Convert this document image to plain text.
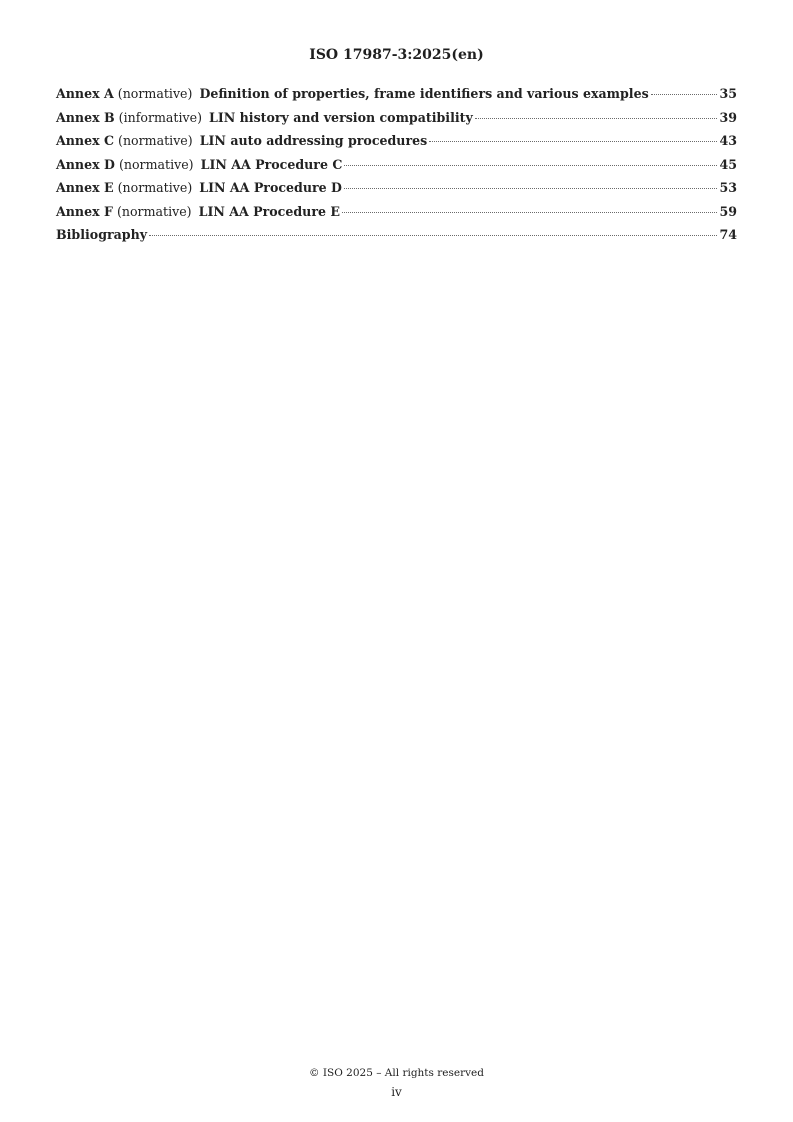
ISO 17987-3:2025(en)
Annex A (normative) Definition of properties, frame identifiers and various examples	35
Annex B (informative) LIN history and version compatibility	39
Annex C (normative) LIN auto addressing procedures	43
Annex D (normative) LIN AA Procedure C	45
Annex E (normative) LIN AA Procedure D	53
Annex F (normative) LIN AA Procedure E	59
Bibliography	74
© ISO 2025 – All rights reserved
iv
